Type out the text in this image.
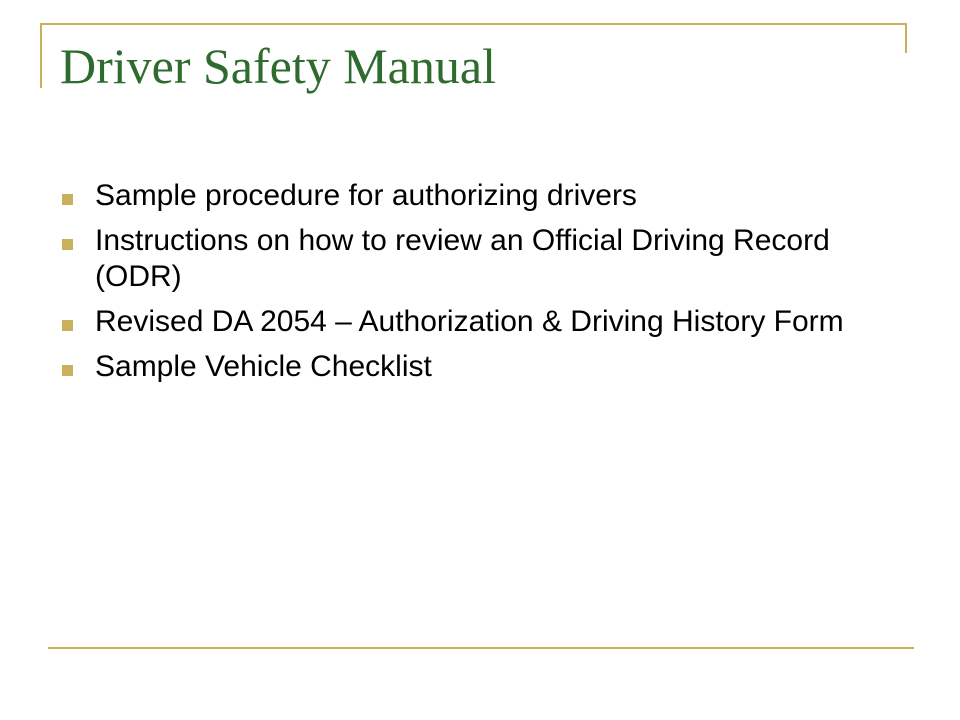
Driver Safety Manual
Sample procedure for authorizing drivers
Instructions on how to review an Official Driving Record (ODR)
Revised DA 2054 – Authorization & Driving History Form
Sample Vehicle Checklist
